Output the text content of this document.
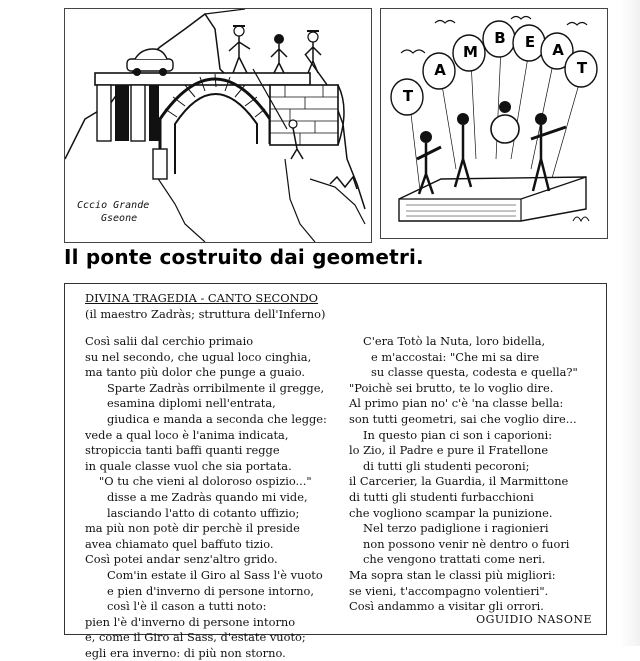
Cccio Grande
Gseone
T
A
M
B E A
T
Il ponte costruito dai geometri.
DIVINA TRAGEDIA - CANTO SECONDO
(il maestro Zadràs; struttura dell'Inferno)
Così salii dal cerchio primaio
su nel secondo, che ugual loco cinghia,
ma tanto più dolor che punge a guaio.
Sparte Zadràs orribilmente il gregge,
esamina diplomi nell'entrata,
giudica e manda a seconda che legge:
vede a qual loco è l'anima indicata,
stropiccia tanti baffi quanti regge
in quale classe vuol che sia portata.
"O tu che vieni al doloroso ospizio..."
disse a me Zadràs quando mi vide,
lasciando l'atto di cotanto uffizio;
ma più non potè dir perchè il preside
avea chiamato quel baffuto tizio.
Così potei andar senz'altro grido.
Com'in estate il Giro al Sass l'è vuoto
e pien d'inverno di persone intorno,
così l'è il cason a tutti noto:
pien l'è d'inverno di persone intorno
e, come il Giro al Sass, d'estate vuoto;
egli era inverno: di più non storno.
C'era Totò la Nuta, loro bidella,
e m'accostai: "Che mi sa dire
su classe questa, codesta e quella?"
"Poichè sei brutto, te lo voglio dire.
Al primo pian no' c'è 'na classe bella:
son tutti geometri, sai che voglio dire...
In questo pian ci son i caporioni:
lo Zio, il Padre e pure il Fratellone
di tutti gli studenti pecoroni;
il Carcerier, la Guardia, il Marmittone
di tutti gli studenti furbacchioni
che vogliono scampar la punizione.
Nel terzo padiglione i ragionieri
non possono venir nè dentro o fuori
che vengono trattati come neri.
Ma sopra stan le classi più migliori:
se vieni, t'accompagno volentieri".
Così andammo a visitar gli orrori.
OGUIDIO NASONE
